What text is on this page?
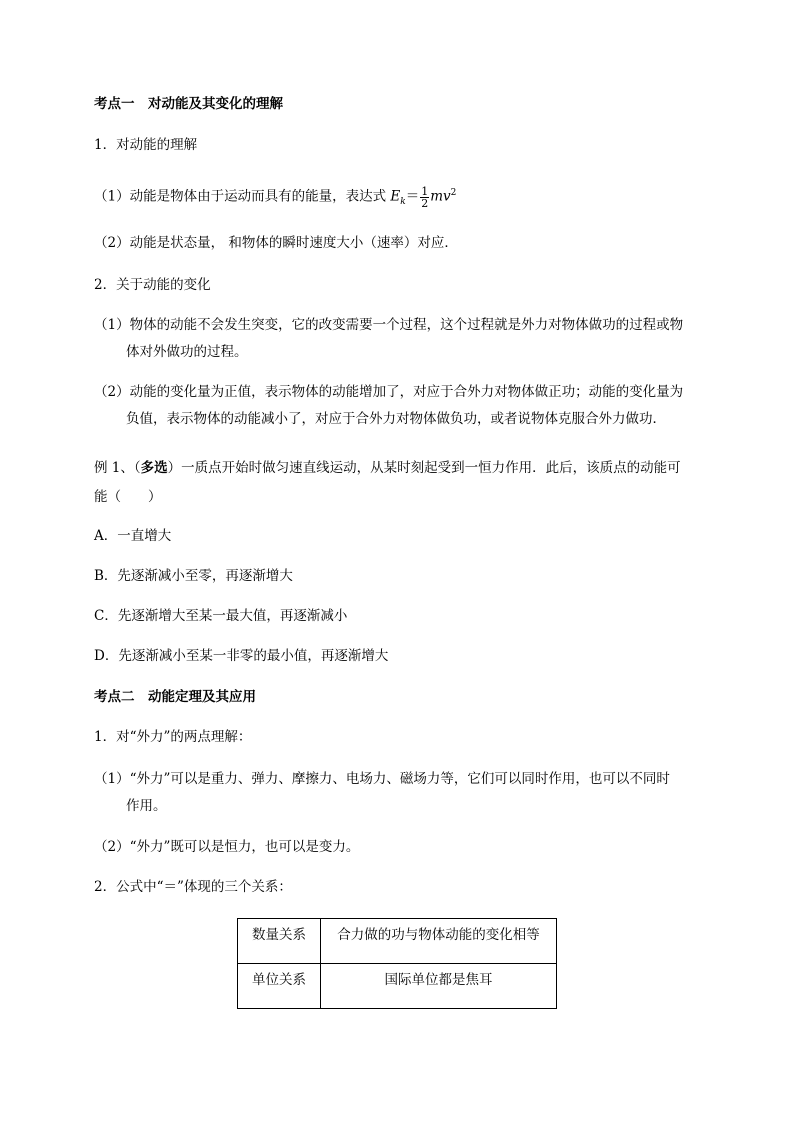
考点一　对动能及其变化的理解
1．对动能的理解
（1）动能是物体由于运动而具有的能量，表达式 $E_k= \frac{1}{2} mv^2$
（2）动能是状态量， 和物体的瞬时速度大小（速率）对应．
2．关于动能的变化
（1）物体的动能不会发生突变，它的改变需要一个过程，这个过程就是外力对物体做功的过程或物
体对外做功的过程。
（2）动能的变化量为正值，表示物体的动能增加了，对应于合外力对物体做正功；动能的变化量为
负值，表示物体的动能减小了，对应于合外力对物体做负功，或者说物体克服合外力做功．
例 1、（多选）一质点开始时做匀速直线运动，从某时刻起受到一恒力作用．此后，该质点的动能可
能（　　）
A．一直增大
B．先逐渐减小至零，再逐渐增大
C．先逐渐增大至某一最大值，再逐渐减小
D．先逐渐减小至某一非零的最小值，再逐渐增大
考点二　动能定理及其应用
1．对“外力”的两点理解：
（1）“外力”可以是重力、弹力、摩擦力、电场力、磁场力等，它们可以同时作用，也可以不同时
作用。
（2）“外力”既可以是恒力，也可以是变力。
2．公式中“＝”体现的三个关系：
数量关系	合力做的功与物体动能的变化相等
单位关系	国际单位都是焦耳
